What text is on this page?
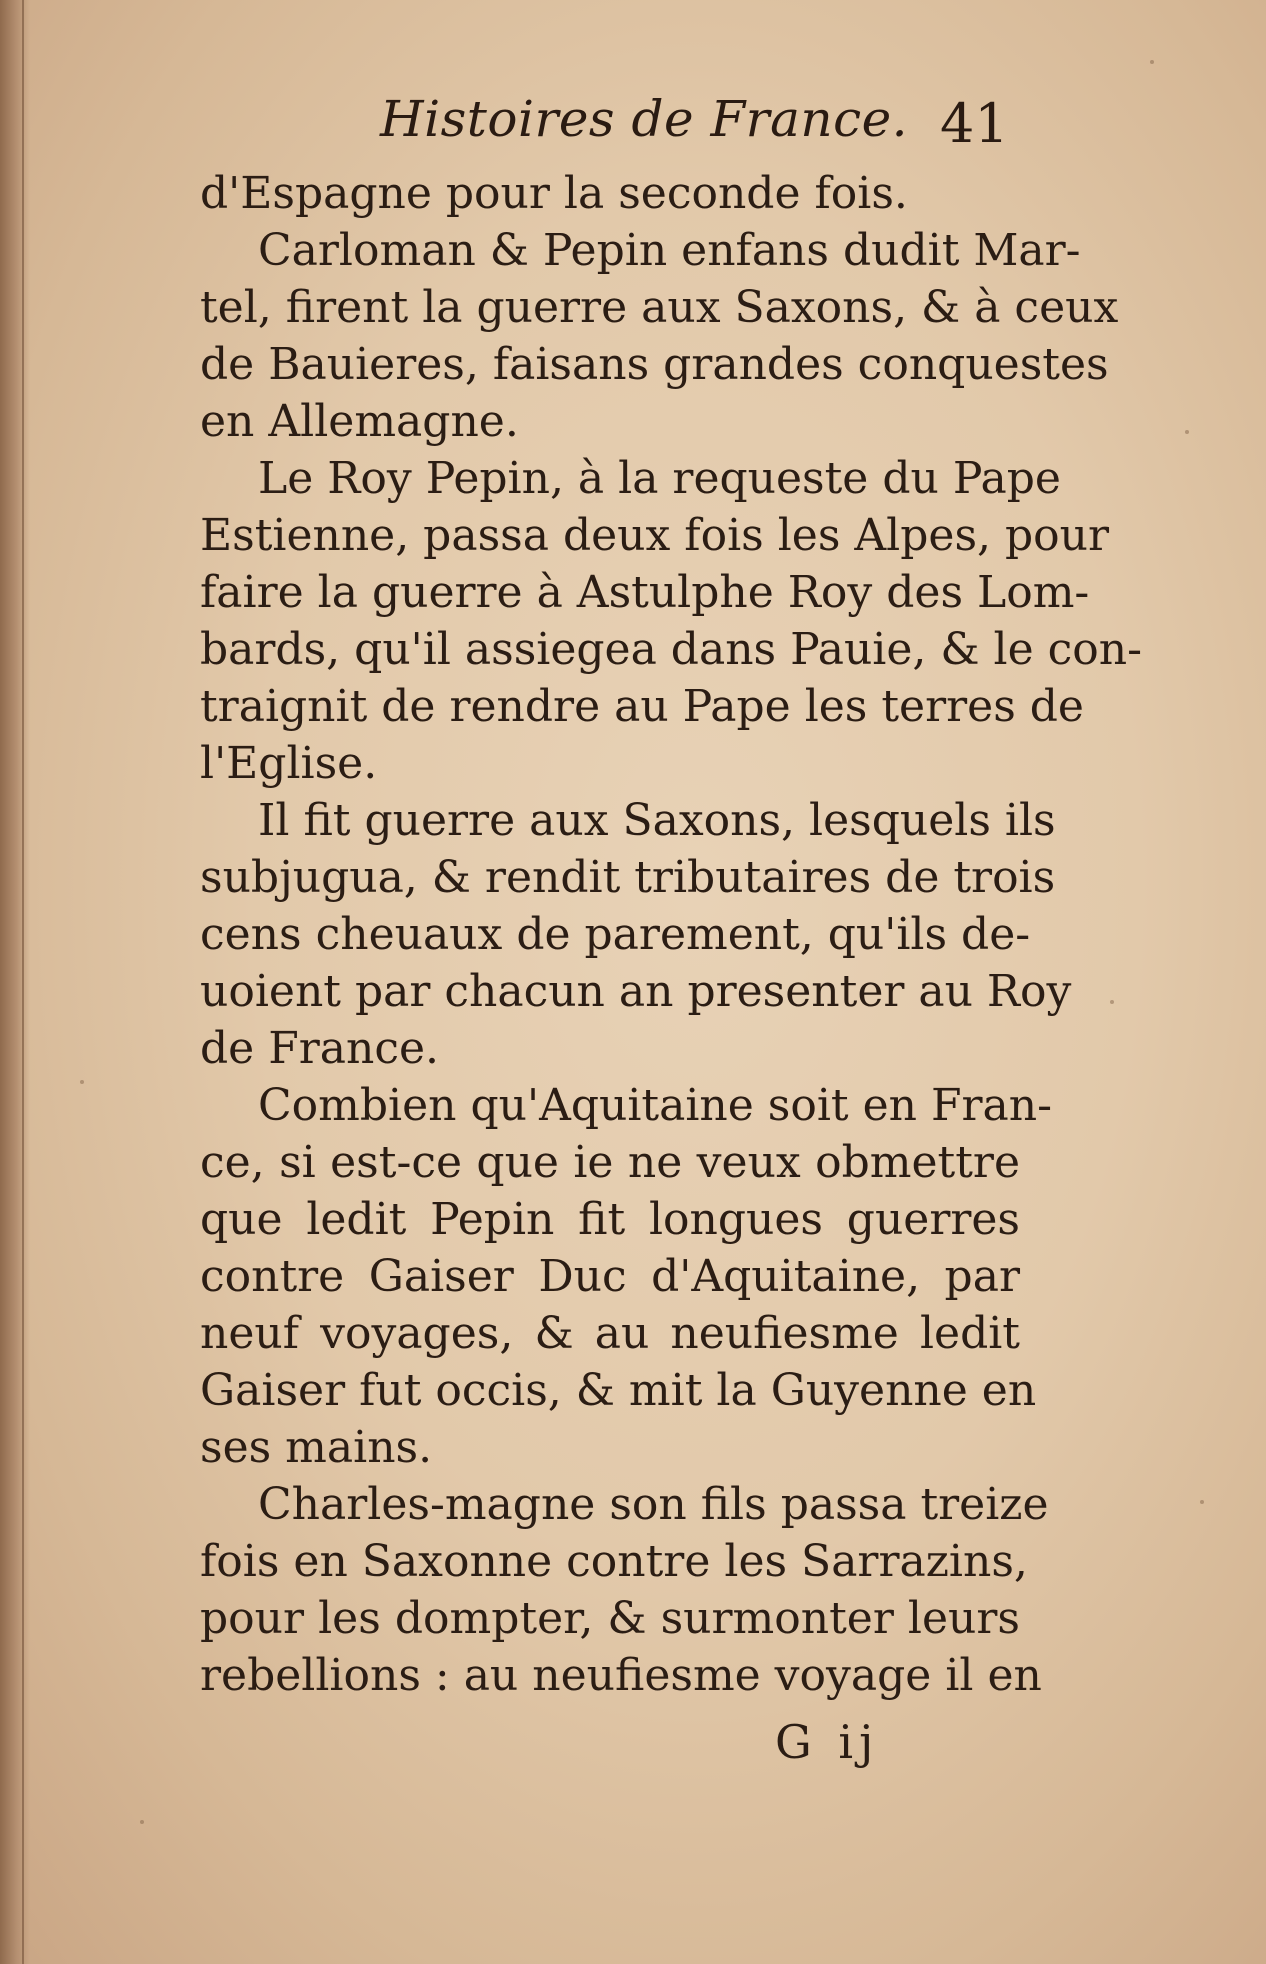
Histoires de France. 41
d'Espagne pour la seconde fois.
Carloman & Pepin enfans dudit Mar-
tel, firent la guerre aux Saxons, & à ceux
de Bauieres, faisans grandes conquestes
en Allemagne.
Le Roy Pepin, à la requeste du Pape
Estienne, passa deux fois les Alpes, pour
faire la guerre à Astulphe Roy des Lom-
bards, qu'il assiegea dans Pauie, & le con-
traignit de rendre au Pape les terres de
l'Eglise.
Il fit guerre aux Saxons, lesquels ils
subjugua, & rendit tributaires de trois
cens cheuaux de parement, qu'ils de-
uoient par chacun an presenter au Roy
de France.
Combien qu'Aquitaine soit en Fran-
ce, si est-ce que ie ne veux obmettre
que ledit Pepin fit longues guerres
contre Gaiser Duc d'Aquitaine, par
neuf voyages, & au neufiesme ledit
Gaiser fut occis, & mit la Guyenne en
ses mains.
Charles-magne son fils passa treize
fois en Saxonne contre les Sarrazins,
pour les dompter, & surmonter leurs
rebellions : au neufiesme voyage il en
G ij
